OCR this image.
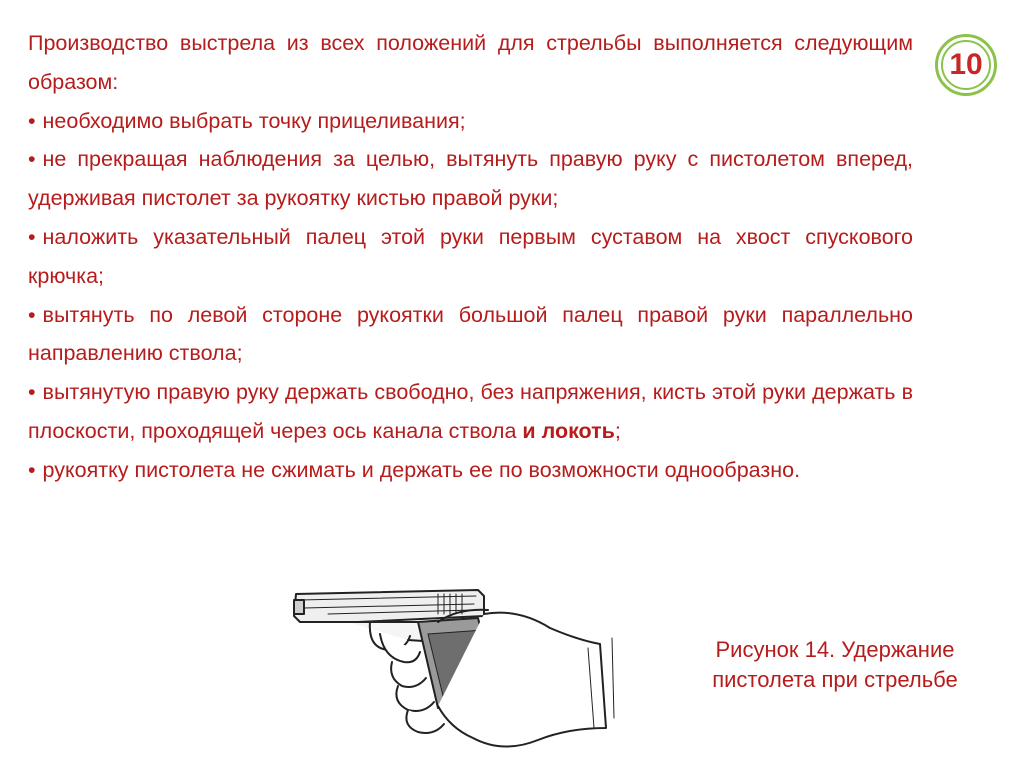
Производство выстрела из всех положений для стрельбы выполняется следующим образом:

• необходимо выбрать точку прицеливания;

• не прекращая наблюдения за целью, вытянуть правую руку с пистолетом вперед, удерживая пистолет за рукоятку кистью правой руки;

• наложить указательный палец этой руки первым суставом на хвост спускового крючка;

• вытянуть по левой стороне рукоятки большой палец правой руки параллельно направлению ствола;

• вытянутую правую руку держать свободно, без напряжения, кисть этой руки держать в плоскости, проходящей через ось канала ствола и локоть;

• рукоятку пистолета не сжимать и держать ее по возможности однообразно.

10
Рисунок 14. Удержание
пистолета при стрельбе
